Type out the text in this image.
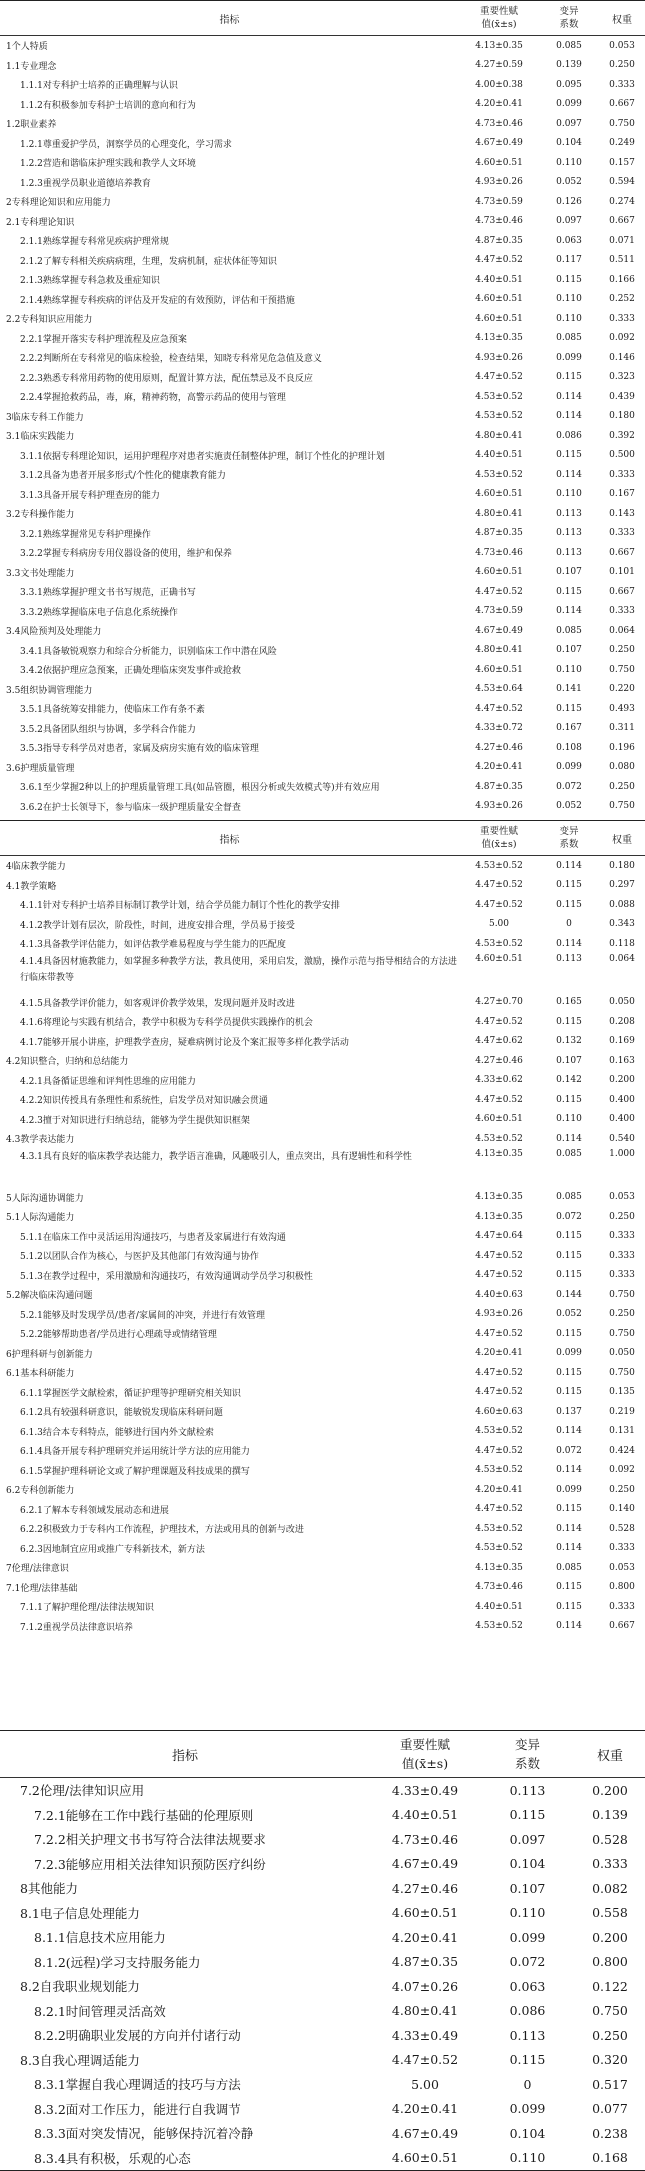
指标
重要性赋
值(x̄±s)
变异
系数	权重
1个人特质	4.13±0.35	0.085	0.053
1.1专业理念	4.27±0.59	0.139	0.250
1.1.1对专科护士培养的正确理解与认识	4.00±0.38	0.095	0.333
1.1.2有积极参加专科护士培训的意向和行为	4.20±0.41	0.099	0.667
1.2职业素养	4.73±0.46	0.097	0.750
1.2.1尊重爱护学员，洞察学员的心理变化，学习需求	4.67±0.49	0.104	0.249
1.2.2营造和谐临床护理实践和教学人文环境	4.60±0.51	0.110	0.157
1.2.3重视学员职业道德培养教育	4.93±0.26	0.052	0.594
2专科理论知识和应用能力	4.73±0.59	0.126	0.274
2.1专科理论知识	4.73±0.46	0.097	0.667
2.1.1熟练掌握专科常见疾病护理常规	4.87±0.35	0.063	0.071
2.1.2了解专科相关疾病病理，生理，发病机制，症状体征等知识	4.47±0.52	0.117	0.511
2.1.3熟练掌握专科急救及重症知识	4.40±0.51	0.115	0.166
2.1.4熟练掌握专科疾病的评估及开发症的有效预防，评估和干预措施	4.60±0.51	0.110	0.252
2.2专科知识应用能力	4.60±0.51	0.110	0.333
2.2.1掌握开落实专科护理流程及应急预案	4.13±0.35	0.085	0.092
2.2.2判断所在专科常见的临床检验，检查结果，知晓专科常见危急值及意义	4.93±0.26	0.099	0.146
2.2.3熟悉专科常用药物的使用原则，配置计算方法，配伍禁忌及不良反应	4.47±0.52	0.115	0.323
2.2.4掌握抢救药品，毒，麻，精神药物，高警示药品的使用与管理	4.53±0.52	0.114	0.439
3临床专科工作能力	4.53±0.52	0.114	0.180
3.1临床实践能力	4.80±0.41	0.086	0.392
3.1.1依据专科理论知识，运用护理程序对患者实施责任制整体护理，制订个性化的护理计划	4.40±0.51	0.115	0.500
3.1.2具备为患者开展多形式/个性化的健康教育能力	4.53±0.52	0.114	0.333
3.1.3具备开展专科护理查房的能力	4.60±0.51	0.110	0.167
3.2专科操作能力	4.80±0.41	0.113	0.143
3.2.1熟练掌握常见专科护理操作	4.87±0.35	0.113	0.333
3.2.2掌握专科病房专用仪器设备的使用，维护和保养	4.73±0.46	0.113	0.667
3.3文书处理能力	4.60±0.51	0.107	0.101
3.3.1熟练掌握护理文书书写规范，正确书写	4.47±0.52	0.115	0.667
3.3.2熟练掌握临床电子信息化系统操作	4.73±0.59	0.114	0.333
3.4风险预判及处理能力	4.67±0.49	0.085	0.064
3.4.1具备敏锐观察力和综合分析能力，识别临床工作中潜在风险	4.80±0.41	0.107	0.250
3.4.2依据护理应急预案，正确处理临床突发事件或抢救	4.60±0.51	0.110	0.750
3.5组织协调管理能力	4.53±0.64	0.141	0.220
3.5.1具备统筹安排能力，使临床工作有条不紊	4.47±0.52	0.115	0.493
3.5.2具备团队组织与协调，多学科合作能力	4.33±0.72	0.167	0.311
3.5.3指导专科学员对患者，家属及病房实施有效的临床管理	4.27±0.46	0.108	0.196
3.6护理质量管理	4.20±0.41	0.099	0.080
3.6.1至少掌握2种以上的护理质量管理工具(如品管圈，根因分析或失效模式等)并有效应用	4.87±0.35	0.072	0.250
3.6.2在护士长领导下，参与临床一级护理质量安全督查	4.93±0.26	0.052	0.750
指标
重要性赋
值(x̄±s)
变异
系数	权重
4临床教学能力	4.53±0.52	0.114	0.180
4.1教学策略	4.47±0.52	0.115	0.297
4.1.1针对专科护士培养目标制订教学计划，结合学员能力制订个性化的教学安排	4.47±0.52	0.115	0.088
4.1.2教学计划有层次，阶段性，时间，进度安排合理，学员易于接受	5.00	0	0.343
4.1.3具备教学评估能力，如评估教学难易程度与学生能力的匹配度	4.53±0.52	0.114	0.118
4.1.4具备因材施教能力，如掌握多种教学方法，教具使用，采用启发，激励，操作示范与指导相结合的方法进行临床带教等
4.60±0.51	0.113	0.064
4.1.5具备教学评价能力，如客观评价教学效果，发现问题并及时改进	4.27±0.70	0.165	0.050
4.1.6将理论与实践有机结合，教学中积极为专科学员提供实践操作的机会	4.47±0.52	0.115	0.208
4.1.7能够开展小讲座，护理教学查房，疑难病例讨论及个案汇报等多样化教学活动	4.47±0.62	0.132	0.169
4.2知识整合，归纳和总结能力	4.27±0.46	0.107	0.163
4.2.1具备循证思维和评判性思维的应用能力	4.33±0.62	0.142	0.200
4.2.2知识传授具有条理性和系统性，启发学员对知识融会贯通	4.47±0.52	0.115	0.400
4.2.3擅于对知识进行归纳总结，能够为学生提供知识框架	4.60±0.51	0.110	0.400
4.3教学表达能力	4.53±0.52	0.114	0.540
4.3.1具有良好的临床教学表达能力，教学语言准确，风趣吸引人，重点突出，具有逻辑性和科学性	4.13±0.35	0.085	1.000
5人际沟通协调能力	4.13±0.35	0.085	0.053
5.1人际沟通能力	4.13±0.35	0.072	0.250
5.1.1在临床工作中灵活运用沟通技巧，与患者及家属进行有效沟通	4.47±0.64	0.115	0.333
5.1.2以团队合作为核心，与医护及其他部门有效沟通与协作	4.47±0.52	0.115	0.333
5.1.3在教学过程中，采用激励和沟通技巧，有效沟通调动学员学习积极性	4.47±0.52	0.115	0.333
5.2解决临床沟通问题	4.40±0.63	0.144	0.750
5.2.1能够及时发现学员/患者/家属间的冲突，并进行有效管理	4.93±0.26	0.052	0.250
5.2.2能够帮助患者/学员进行心理疏导或情绪管理	4.47±0.52	0.115	0.750
6护理科研与创新能力	4.20±0.41	0.099	0.050
6.1基本科研能力	4.47±0.52	0.115	0.750
6.1.1掌握医学文献检索，循证护理等护理研究相关知识	4.47±0.52	0.115	0.135
6.1.2具有较强科研意识，能敏锐发现临床科研问题	4.60±0.63	0.137	0.219
6.1.3结合本专科特点，能够进行国内外文献检索	4.53±0.52	0.114	0.131
6.1.4具备开展专科护理研究并运用统计学方法的应用能力	4.47±0.52	0.072	0.424
6.1.5掌握护理科研论文或了解护理课题及科技成果的撰写	4.53±0.52	0.114	0.092
6.2专科创新能力	4.20±0.41	0.099	0.250
6.2.1了解本专科领域发展动态和进展	4.47±0.52	0.115	0.140
6.2.2积极致力于专科内工作流程，护理技术，方法或用具的创新与改进	4.53±0.52	0.114	0.528
6.2.3因地制宜应用或推广专科新技术，新方法	4.53±0.52	0.114	0.333
7伦理/法律意识	4.13±0.35	0.085	0.053
7.1伦理/法律基础	4.73±0.46	0.115	0.800
7.1.1了解护理伦理/法律法规知识	4.40±0.51	0.115	0.333
7.1.2重视学员法律意识培养	4.53±0.52	0.114	0.667
指标
重要性赋
值(x̄±s)
变异
系数	权重
7.2伦理/法律知识应用	4.33±0.49	0.113	0.200
7.2.1能够在工作中践行基础的伦理原则	4.40±0.51	0.115	0.139
7.2.2相关护理文书书写符合法律法规要求	4.73±0.46	0.097	0.528
7.2.3能够应用相关法律知识预防医疗纠纷	4.67±0.49	0.104	0.333
8其他能力	4.27±0.46	0.107	0.082
8.1电子信息处理能力	4.60±0.51	0.110	0.558
8.1.1信息技术应用能力	4.20±0.41	0.099	0.200
8.1.2(远程)学习支持服务能力	4.87±0.35	0.072	0.800
8.2自我职业规划能力	4.07±0.26	0.063	0.122
8.2.1时间管理灵活高效	4.80±0.41	0.086	0.750
8.2.2明确职业发展的方向并付诸行动	4.33±0.49	0.113	0.250
8.3自我心理调适能力	4.47±0.52	0.115	0.320
8.3.1掌握自我心理调适的技巧与方法	5.00	0	0.517
8.3.2面对工作压力，能进行自我调节	4.20±0.41	0.099	0.077
8.3.3面对突发情况，能够保持沉着冷静	4.67±0.49	0.104	0.238
8.3.4具有积极，乐观的心态	4.60±0.51	0.110	0.168
